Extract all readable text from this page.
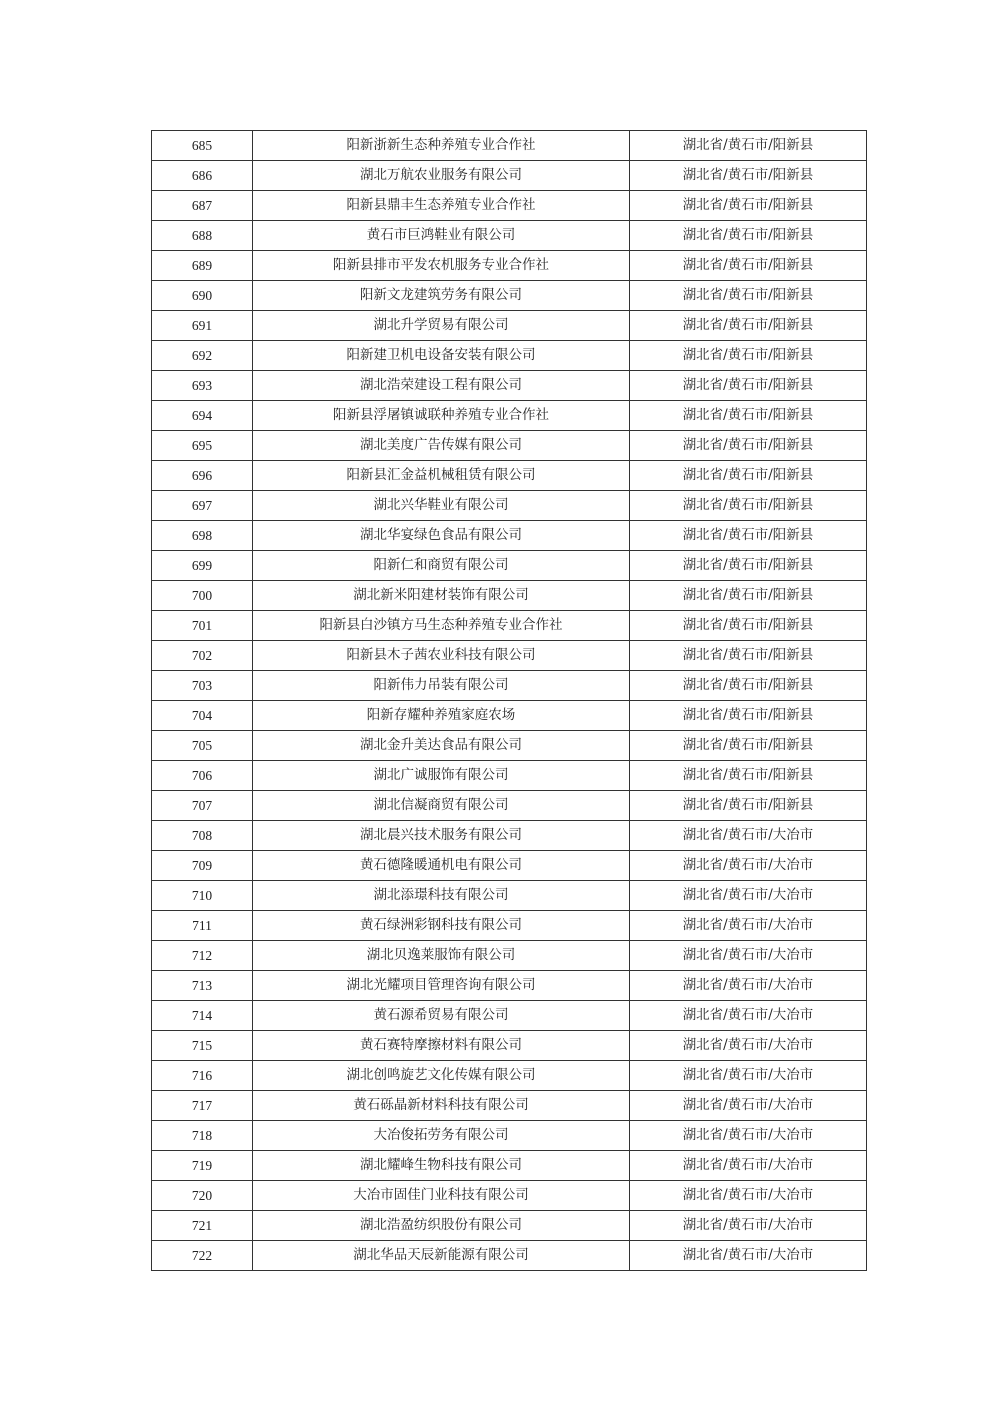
685	阳新浙新生态种养殖专业合作社	湖北省/黄石市/阳新县
686	湖北万航农业服务有限公司	湖北省/黄石市/阳新县
687	阳新县鼎丰生态养殖专业合作社	湖北省/黄石市/阳新县
688	黄石市巨鸿鞋业有限公司	湖北省/黄石市/阳新县
689	阳新县排市平发农机服务专业合作社	湖北省/黄石市/阳新县
690	阳新文龙建筑劳务有限公司	湖北省/黄石市/阳新县
691	湖北升学贸易有限公司	湖北省/黄石市/阳新县
692	阳新建卫机电设备安装有限公司	湖北省/黄石市/阳新县
693	湖北浩荣建设工程有限公司	湖北省/黄石市/阳新县
694	阳新县浮屠镇诚联种养殖专业合作社	湖北省/黄石市/阳新县
695	湖北美度广告传媒有限公司	湖北省/黄石市/阳新县
696	阳新县汇金益机械租赁有限公司	湖北省/黄石市/阳新县
697	湖北兴华鞋业有限公司	湖北省/黄石市/阳新县
698	湖北华宴绿色食品有限公司	湖北省/黄石市/阳新县
699	阳新仁和商贸有限公司	湖北省/黄石市/阳新县
700	湖北新米阳建材装饰有限公司	湖北省/黄石市/阳新县
701	阳新县白沙镇方马生态种养殖专业合作社	湖北省/黄石市/阳新县
702	阳新县木子茜农业科技有限公司	湖北省/黄石市/阳新县
703	阳新伟力吊装有限公司	湖北省/黄石市/阳新县
704	阳新存耀种养殖家庭农场	湖北省/黄石市/阳新县
705	湖北金升美达食品有限公司	湖北省/黄石市/阳新县
706	湖北广诚服饰有限公司	湖北省/黄石市/阳新县
707	湖北信凝商贸有限公司	湖北省/黄石市/阳新县
708	湖北晨兴技术服务有限公司	湖北省/黄石市/大冶市
709	黄石德隆暖通机电有限公司	湖北省/黄石市/大冶市
710	湖北添璟科技有限公司	湖北省/黄石市/大冶市
711	黄石绿洲彩钢科技有限公司	湖北省/黄石市/大冶市
712	湖北贝逸莱服饰有限公司	湖北省/黄石市/大冶市
713	湖北光耀项目管理咨询有限公司	湖北省/黄石市/大冶市
714	黄石源希贸易有限公司	湖北省/黄石市/大冶市
715	黄石赛特摩擦材料有限公司	湖北省/黄石市/大冶市
716	湖北创鸣旋艺文化传媒有限公司	湖北省/黄石市/大冶市
717	黄石砾晶新材料科技有限公司	湖北省/黄石市/大冶市
718	大冶俊拓劳务有限公司	湖北省/黄石市/大冶市
719	湖北耀峰生物科技有限公司	湖北省/黄石市/大冶市
720	大冶市固佳门业科技有限公司	湖北省/黄石市/大冶市
721	湖北浩盈纺织股份有限公司	湖北省/黄石市/大冶市
722	湖北华品天辰新能源有限公司	湖北省/黄石市/大冶市
